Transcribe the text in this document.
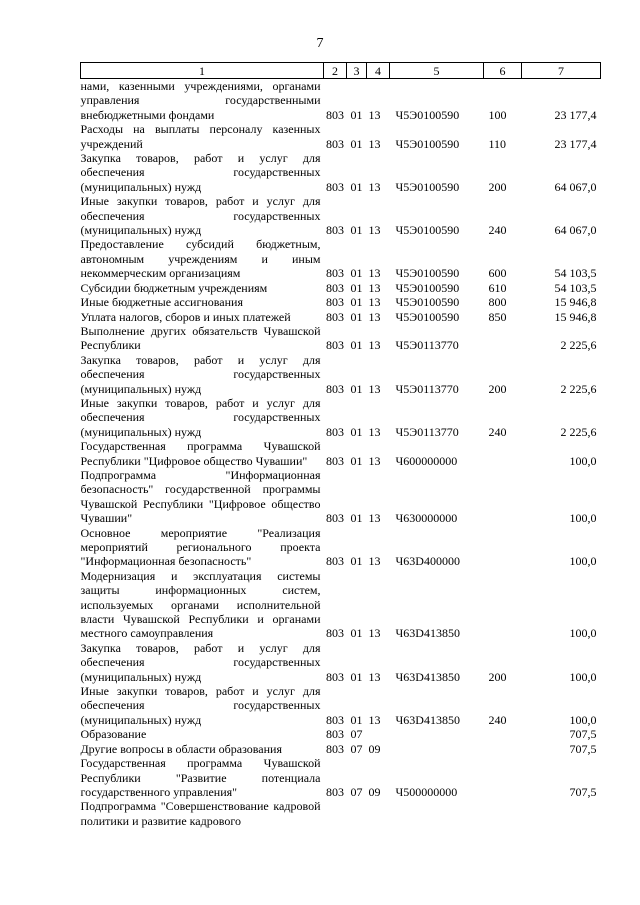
7
1	2	3	4	5	6	7
нами, казенными учреждениями, органами управления государственными внебюджетными фондами	803	01	13	Ч5Э0100590	100	23 177,4
Расходы на выплаты персоналу казенных учреждений	803	01	13	Ч5Э0100590	110	23 177,4
Закупка товаров, работ и услуг для обеспечения государственных (муниципальных) нужд	803	01	13	Ч5Э0100590	200	64 067,0
Иные закупки товаров, работ и услуг для обеспечения государственных (муниципальных) нужд	803	01	13	Ч5Э0100590	240	64 067,0
Предоставление субсидий бюджетным, автономным учреждениям и иным некоммерческим организациям	803	01	13	Ч5Э0100590	600	54 103,5
Субсидии бюджетным учреждениям	803	01	13	Ч5Э0100590	610	54 103,5
Иные бюджетные ассигнования	803	01	13	Ч5Э0100590	800	15 946,8
Уплата налогов, сборов и иных платежей	803	01	13	Ч5Э0100590	850	15 946,8
Выполнение других обязательств Чувашской Республики	803	01	13	Ч5Э0113770		2 225,6
Закупка товаров, работ и услуг для обеспечения государственных (муниципальных) нужд	803	01	13	Ч5Э0113770	200	2 225,6
Иные закупки товаров, работ и услуг для обеспечения государственных (муниципальных) нужд	803	01	13	Ч5Э0113770	240	2 225,6
Государственная программа Чувашской Республики "Цифровое общество Чувашии"	803	01	13	Ч600000000		100,0
Подпрограмма "Информационная безопасность" государственной программы Чувашской Республики "Цифровое общество Чувашии"	803	01	13	Ч630000000		100,0
Основное мероприятие "Реализация мероприятий регионального проекта "Информационная безопасность"	803	01	13	Ч63D400000		100,0
Модернизация и эксплуатация системы защиты информационных систем, используемых органами исполнительной власти Чувашской Республики и органами местного самоуправления	803	01	13	Ч63D413850		100,0
Закупка товаров, работ и услуг для обеспечения государственных (муниципальных) нужд	803	01	13	Ч63D413850	200	100,0
Иные закупки товаров, работ и услуг для обеспечения государственных (муниципальных) нужд	803	01	13	Ч63D413850	240	100,0
Образование	803	07				707,5
Другие вопросы в области образования	803	07	09			707,5
Государственная программа Чувашской Республики "Развитие потенциала государственного управления"	803	07	09	Ч500000000		707,5
Подпрограмма "Совершенствование кадровой политики и развитие кадрового						
